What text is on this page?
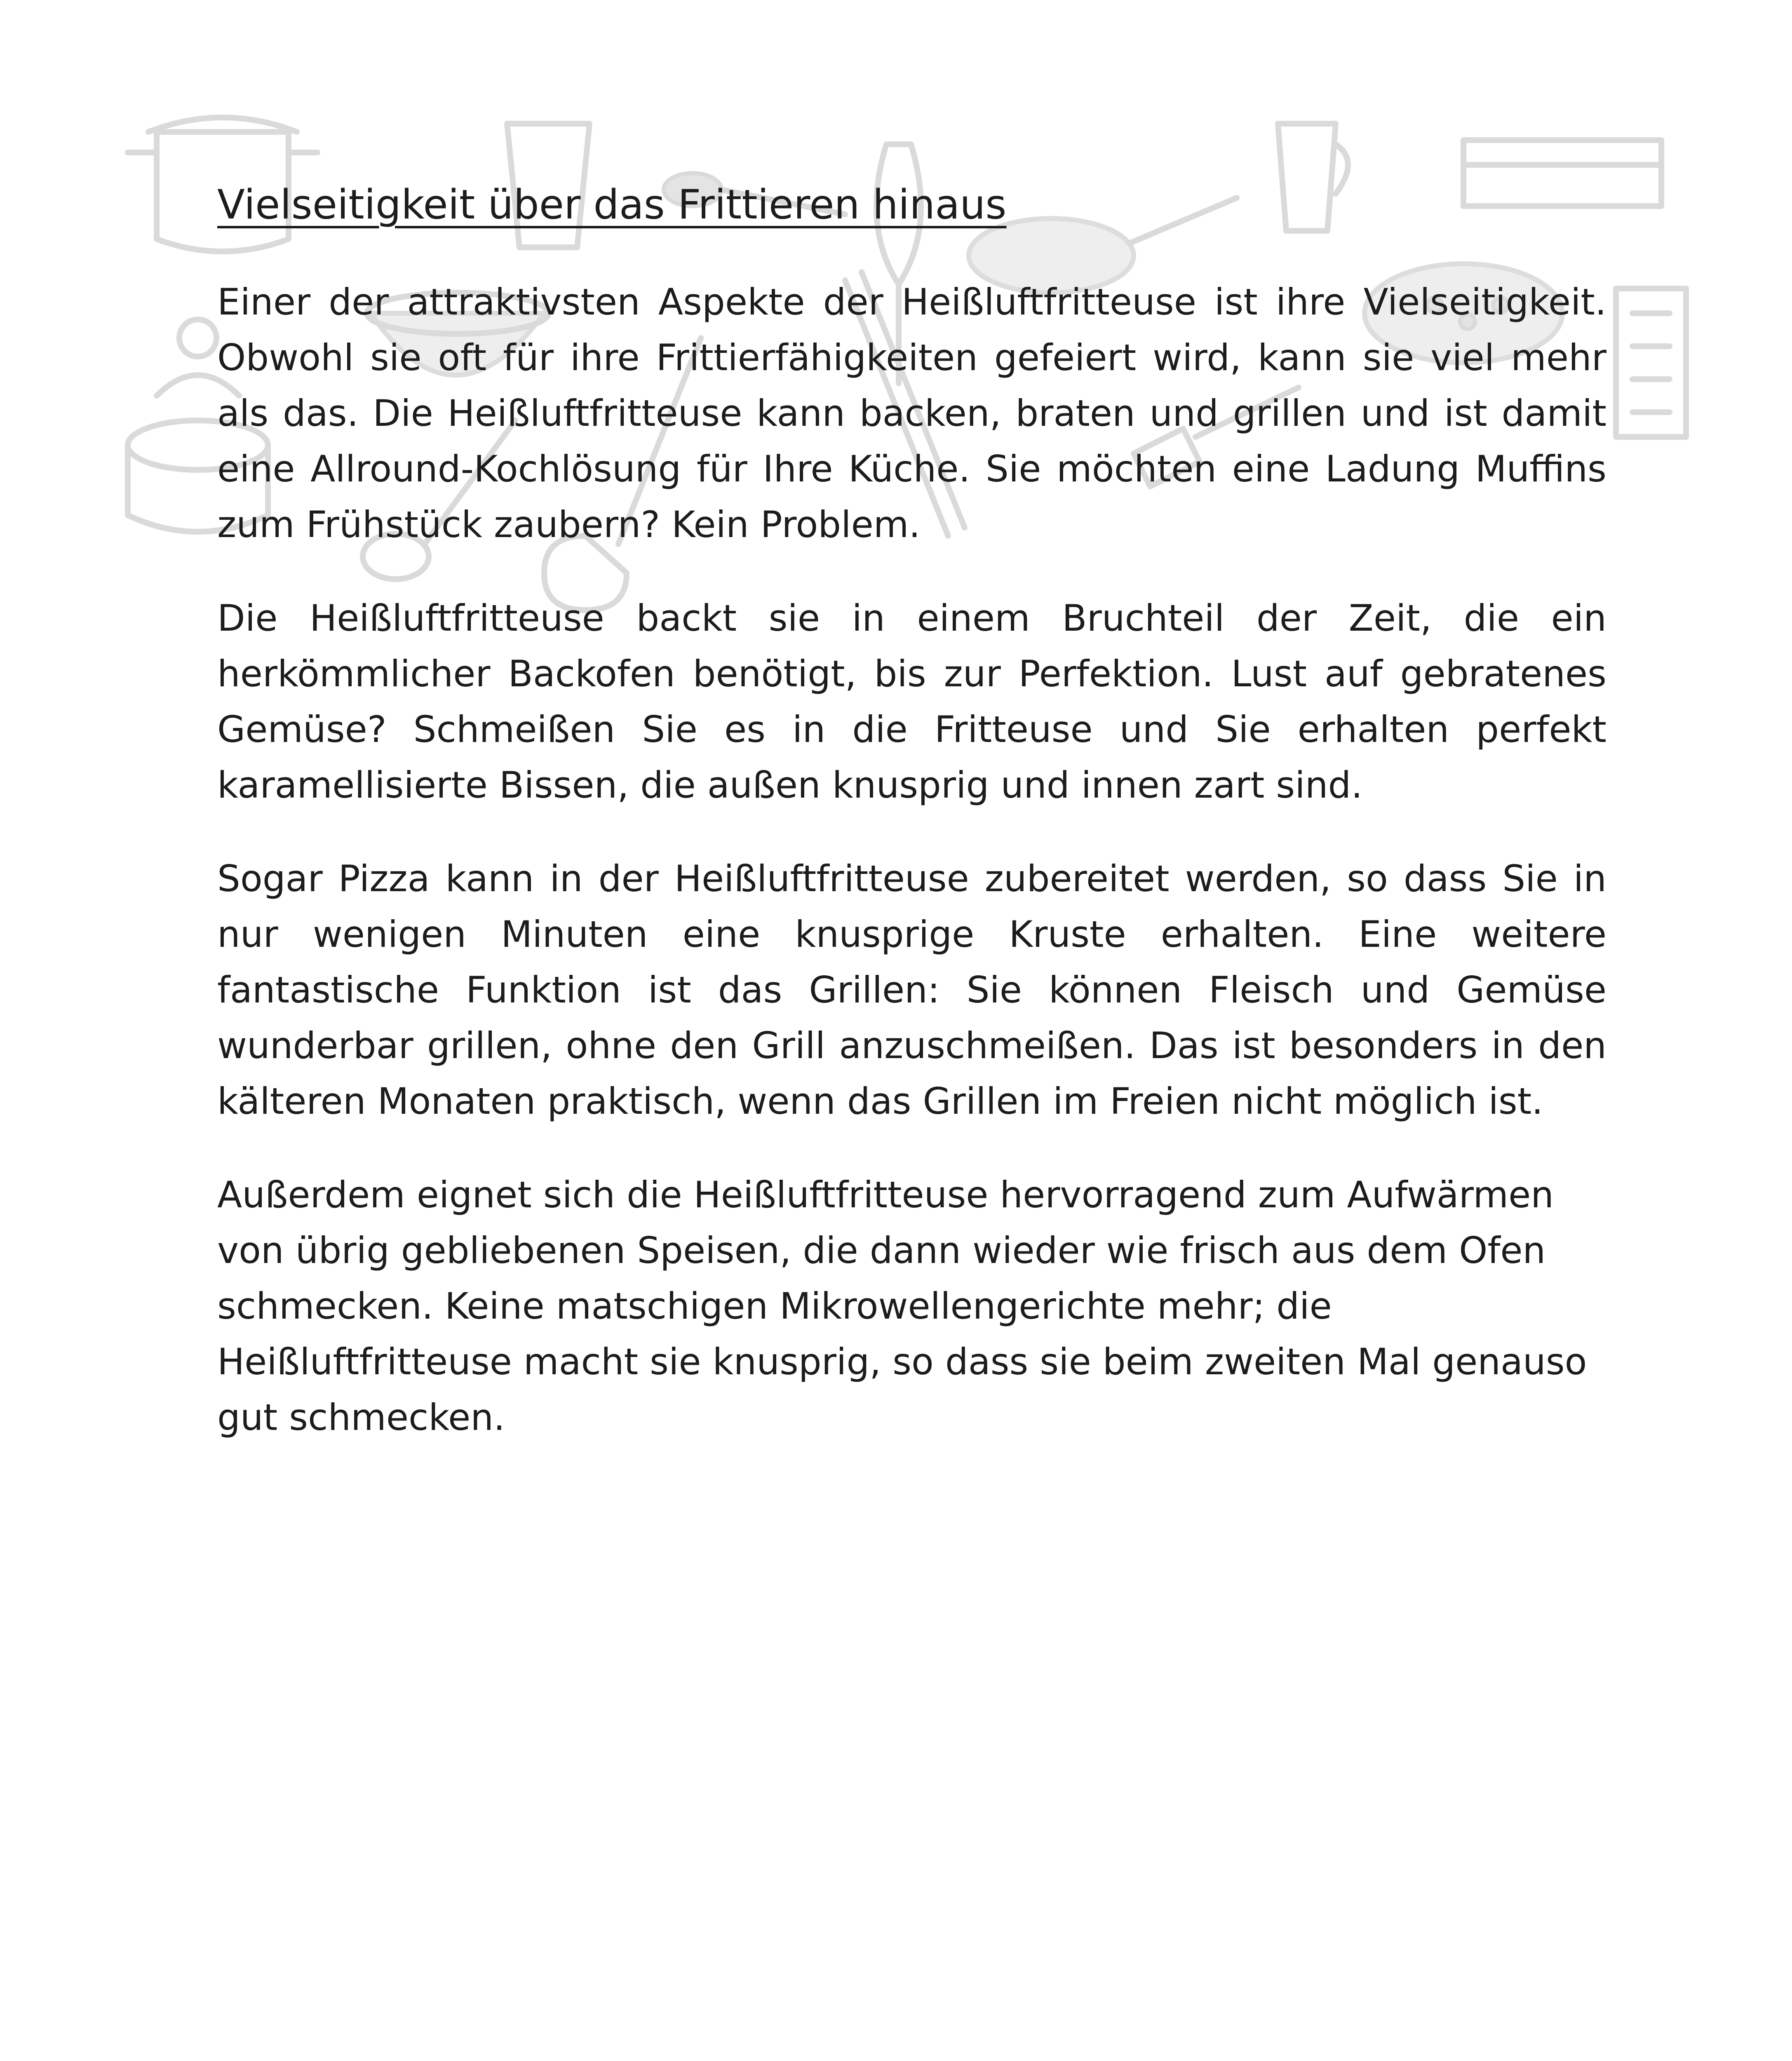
Vielseitigkeit über das Frittieren hinaus

Einer der attraktivsten Aspekte der Heißluftfritteuse ist ihre Vielseitigkeit. Obwohl sie oft für ihre Frittierfähigkeiten gefeiert wird, kann sie viel mehr als das. Die Heißluftfritteuse kann backen, braten und grillen und ist damit eine Allround-Kochlösung für Ihre Küche. Sie möchten eine Ladung Muffins zum Frühstück zaubern? Kein Problem.

Die Heißluftfritteuse backt sie in einem Bruchteil der Zeit, die ein herkömmlicher Backofen benötigt, bis zur Perfektion. Lust auf gebratenes Gemüse? Schmeißen Sie es in die Fritteuse und Sie erhalten perfekt karamellisierte Bissen, die außen knusprig und innen zart sind.

Sogar Pizza kann in der Heißluftfritteuse zubereitet werden, so dass Sie in nur wenigen Minuten eine knusprige Kruste erhalten. Eine weitere fantastische Funktion ist das Grillen: Sie können Fleisch und Gemüse wunderbar grillen, ohne den Grill anzuschmeißen. Das ist besonders in den kälteren Monaten praktisch, wenn das Grillen im Freien nicht möglich ist.

Außerdem eignet sich die Heißluftfritteuse hervorragend zum Aufwärmen von übrig gebliebenen Speisen, die dann wieder wie frisch aus dem Ofen schmecken. Keine matschigen Mikrowellengerichte mehr; die Heißluftfritteuse macht sie knusprig, so dass sie beim zweiten Mal genauso gut schmecken.
